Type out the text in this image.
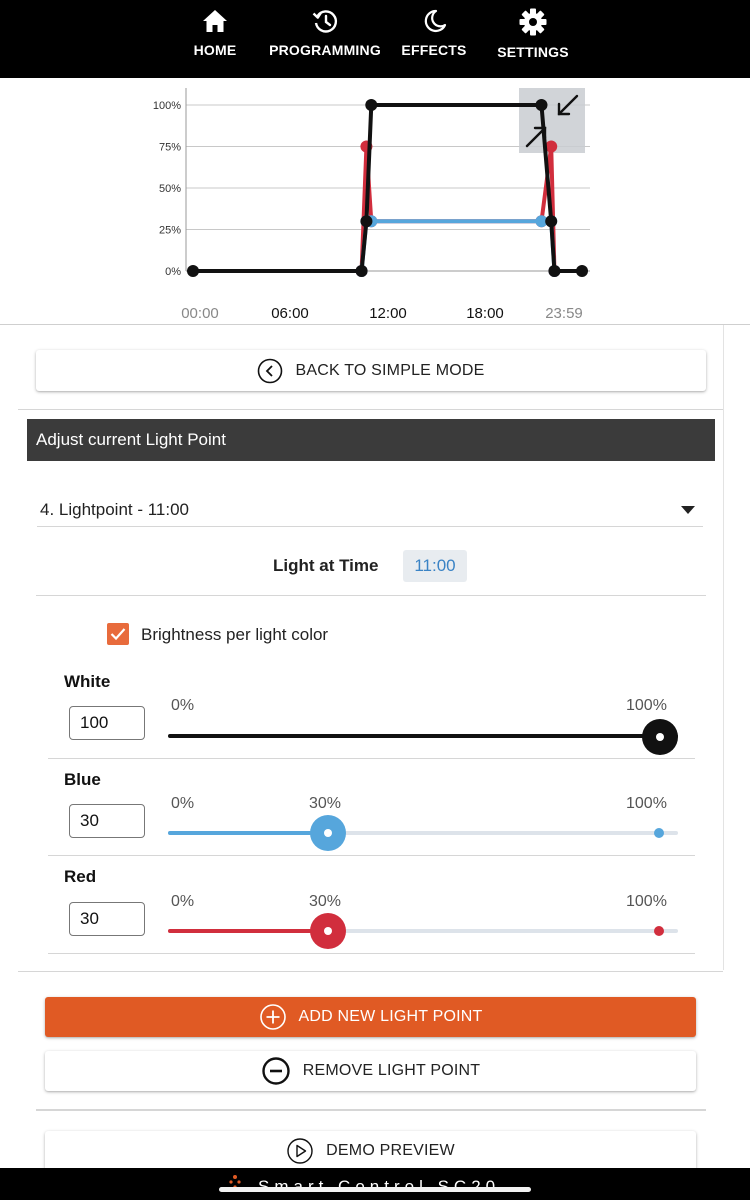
HOME	PROGRAMMING EFFECTS	SETTINGS
0%
25%
50%
75%
100%
00:00	06:00	12:00	18:00	23:59
BACK TO SIMPLE MODE
Adjust current Light Point
4. Lightpoint - 11:00
Light at Time	11:00
Brightness per light color
White
100
0%	100%
Blue
30
0%	30%	100%
Red
30
0%	30%	100%
ADD NEW LIGHT POINT
REMOVE LIGHT POINT
DEMO PREVIEW
